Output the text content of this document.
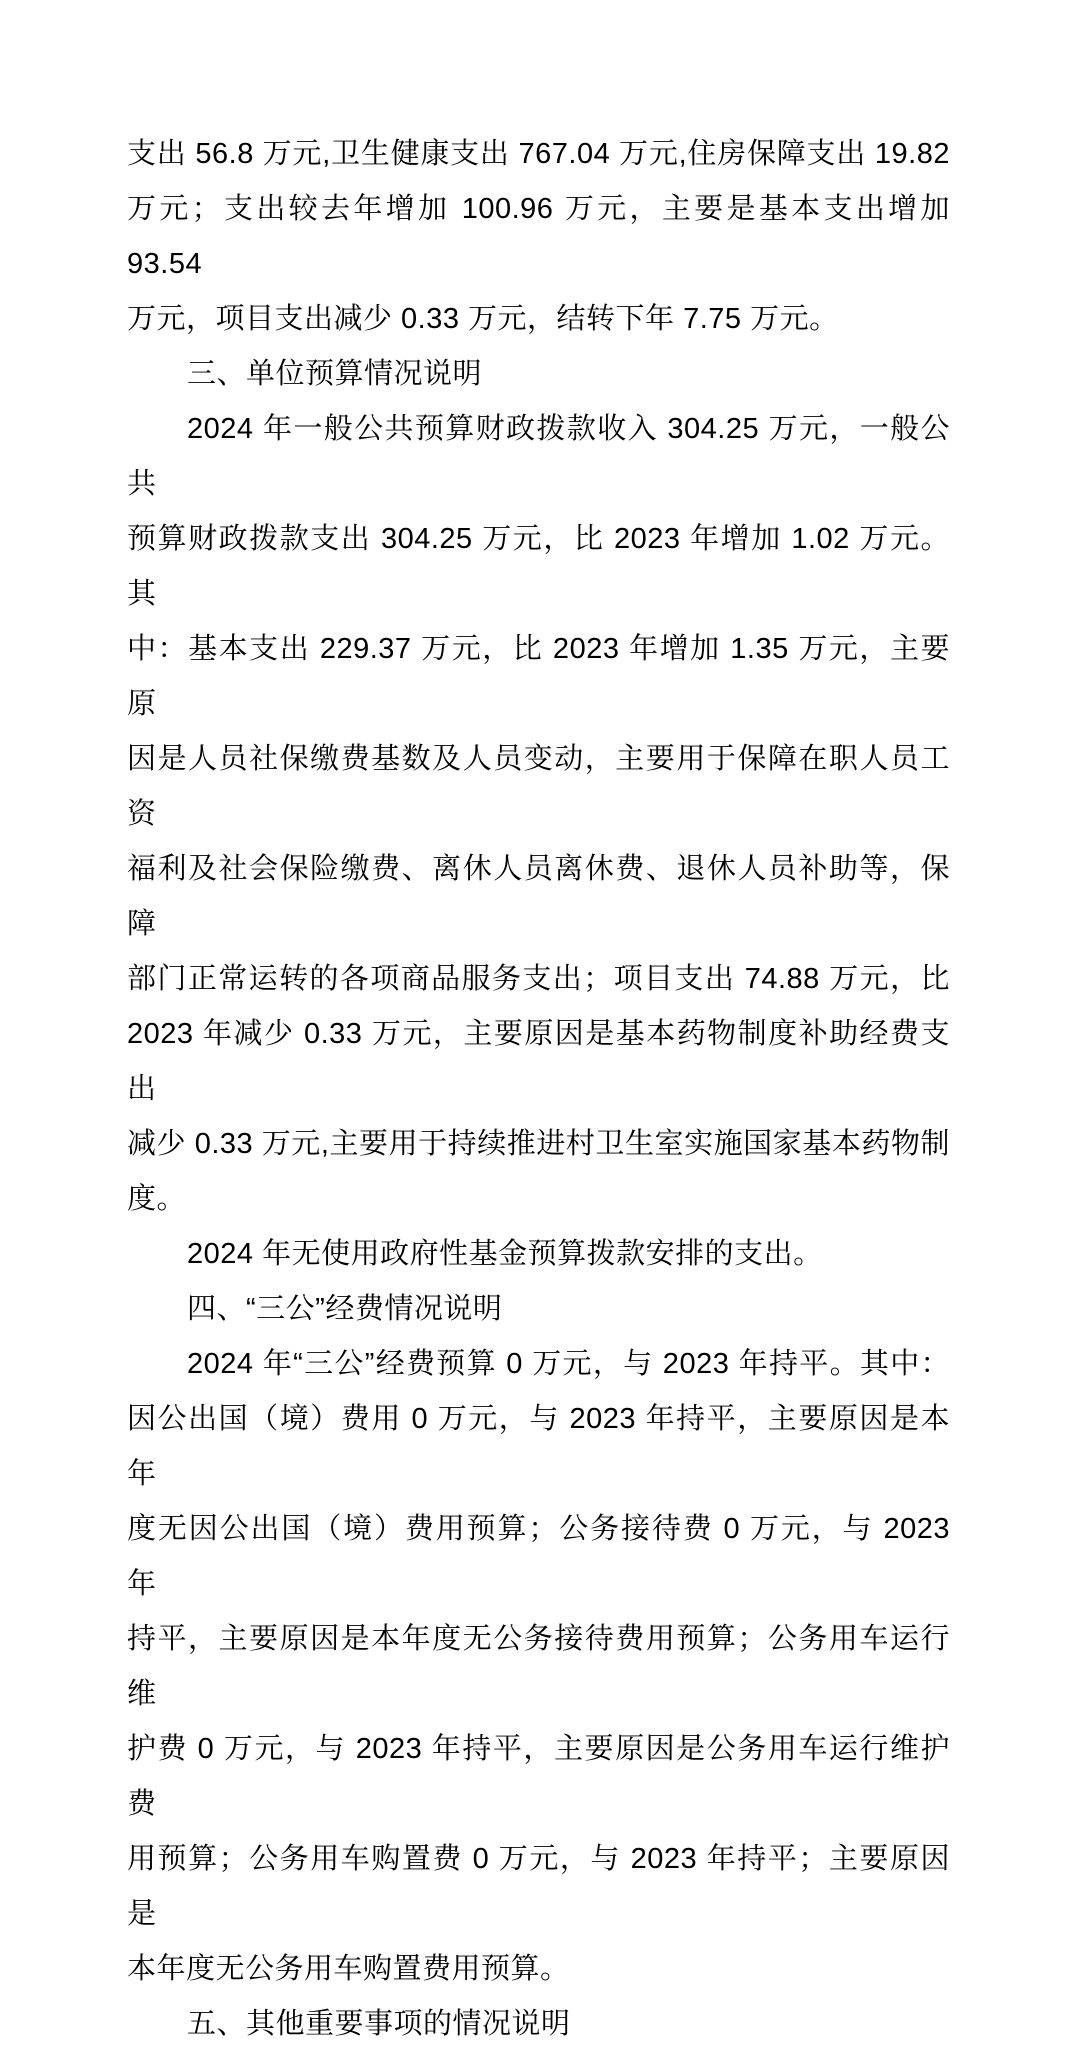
支出 56.8 万元,卫生健康支出 767.04 万元,住房保障支出 19.82
万元；支出较去年增加 100.96 万元，主要是基本支出增加 93.54
万元，项目支出减少 0.33 万元，结转下年 7.75 万元。
三、单位预算情况说明
2024 年一般公共预算财政拨款收入 304.25 万元，一般公共
预算财政拨款支出 304.25 万元，比 2023 年增加 1.02 万元。其
中：基本支出 229.37 万元，比 2023 年增加 1.35 万元，主要原
因是人员社保缴费基数及人员变动，主要用于保障在职人员工资
福利及社会保险缴费、离休人员离休费、退休人员补助等，保障
部门正常运转的各项商品服务支出；项目支出 74.88 万元，比
2023 年减少 0.33 万元，主要原因是基本药物制度补助经费支出
减少 0.33 万元,主要用于持续推进村卫生室实施国家基本药物制
度。
2024 年无使用政府性基金预算拨款安排的支出。
四、“三公”经费情况说明
2024 年“三公”经费预算 0 万元，与 2023 年持平。其中：
因公出国（境）费用 0 万元，与 2023 年持平，主要原因是本年
度无因公出国（境）费用预算；公务接待费 0 万元，与 2023 年
持平，主要原因是本年度无公务接待费用预算；公务用车运行维
护费 0 万元，与 2023 年持平，主要原因是公务用车运行维护费
用预算；公务用车购置费 0 万元，与 2023 年持平；主要原因是
本年度无公务用车购置费用预算。
五、其他重要事项的情况说明
